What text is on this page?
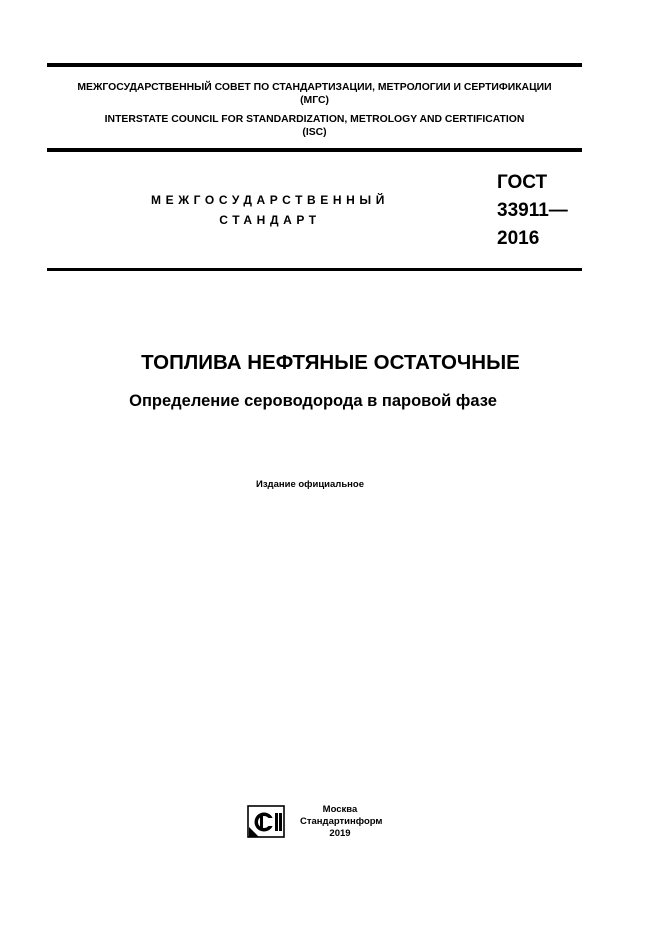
МЕЖГОСУДАРСТВЕННЫЙ СОВЕТ ПО СТАНДАРТИЗАЦИИ, МЕТРОЛОГИИ И СЕРТИФИКАЦИИ
(МГС)
INTERSTATE COUNCIL FOR STANDARDIZATION, METROLOGY AND CERTIFICATION
(ISC)
МЕЖГОСУДАРСТВЕННЫЙ
СТАНДАРТ
ГОСТ
33911—
2016
ТОПЛИВА НЕФТЯНЫЕ ОСТАТОЧНЫЕ
Определение сероводорода в паровой фазе
Издание официальное
Москва
Стандартинформ
2019
